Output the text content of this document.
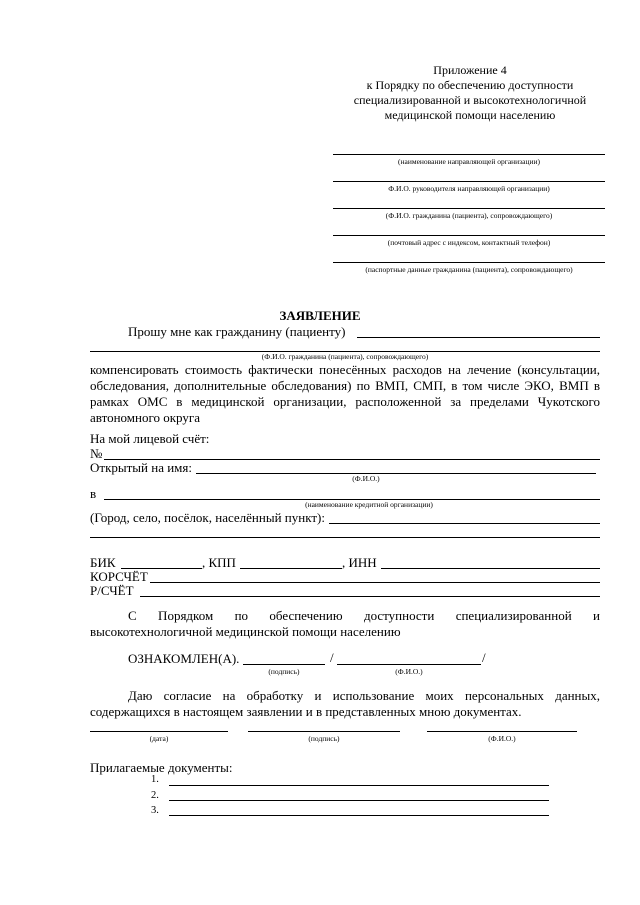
Приложение 4
к Порядку по обеспечению доступности
специализированной и высокотехнологичной
медицинской помощи населению
(наименование направляющей организации)
Ф.И.О. руководителя направляющей организации)
(Ф.И.О. гражданина (пациента), сопровождающего)
(почтовый адрес с индексом, контактный телефон)
(паспортные данные гражданина (пациента), сопровождающего)
ЗАЯВЛЕНИЕ
Прошу мне как гражданину (пациенту)
(Ф.И.О. гражданина (пациента), сопровождающего)
компенсировать стоимость фактически понесённых расходов на лечение (консультации, обследования, дополнительные обследования) по ВМП, СМП, в том числе ЭКО, ВМП в рамках ОМС в медицинской организации, расположенной за пределами Чукотского автономного округа
На мой лицевой счёт:
№
Открытый на имя:
(Ф.И.О.)
в
(наименование кредитной организации)
(Город, село, посёлок, населённый пункт):
БИК	, КПП	, ИНН
КОРСЧЁТ
Р/СЧЁТ
С Порядком по обеспечению доступности специализированной и высокотехнологичной медицинской помощи населению
ОЗНАКОМЛЕН(А).	/	/
(подпись)	(Ф.И.О.)
Даю согласие на обработку и использование моих персональных данных, содержащихся в настоящем заявлении и в представленных мною документах.
(дата)	(подпись)	(Ф.И.О.)
Прилагаемые документы:
1.
2.
3.
